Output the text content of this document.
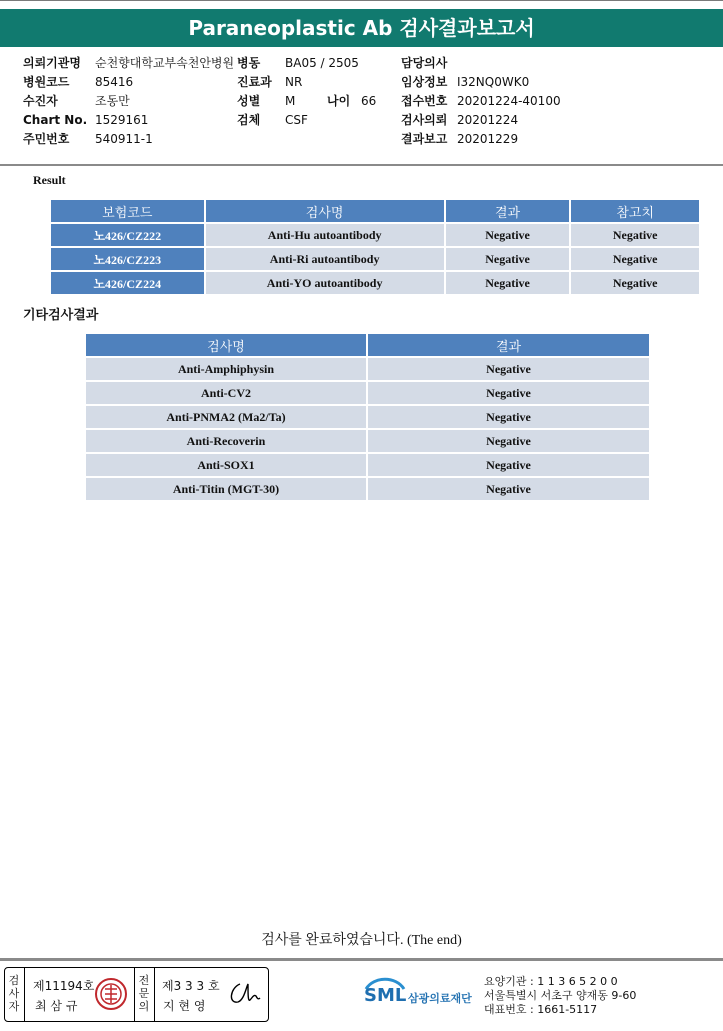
Paraneoplastic Ab 검사결과보고서
의뢰기관명 순천향대학교부속천안병원
병원코드 85416
수진자	조동만
Chart No. 1529161
주민번호 540911-1
병동 BA05 / 2505
진료과 NR
성별 M	나이 66
검체 CSF
담당의사
임상정보 I32NQ0WK0
접수번호 20201224-40100
검사의뢰 20201224
결과보고 20201229
Result
보험코드	검사명	결과	참고치
노426/CZ222	Anti-Hu autoantibody	Negative	Negative
노426/CZ223	Anti-Ri autoantibody	Negative	Negative
노426/CZ224	Anti-YO autoantibody	Negative	Negative
기타검사결과
검사명	결과
Anti-Amphiphysin	Negative
Anti-CV2	Negative
Anti-PNMA2 (Ma2/Ta)	Negative
Anti-Recoverin	Negative
Anti-SOX1	Negative
Anti-Titin (MGT-30)	Negative
검사를 완료하였습니다. (The end)
검사자
제11194호
최 삼 규
전문의
제3 3 3 호
지 현 영	SML 삼광의료재단
요양기관 : 1 1 3 6 5 2 0 0
서울특별시 서초구 양재동 9-60
대표번호 : 1661-5117
